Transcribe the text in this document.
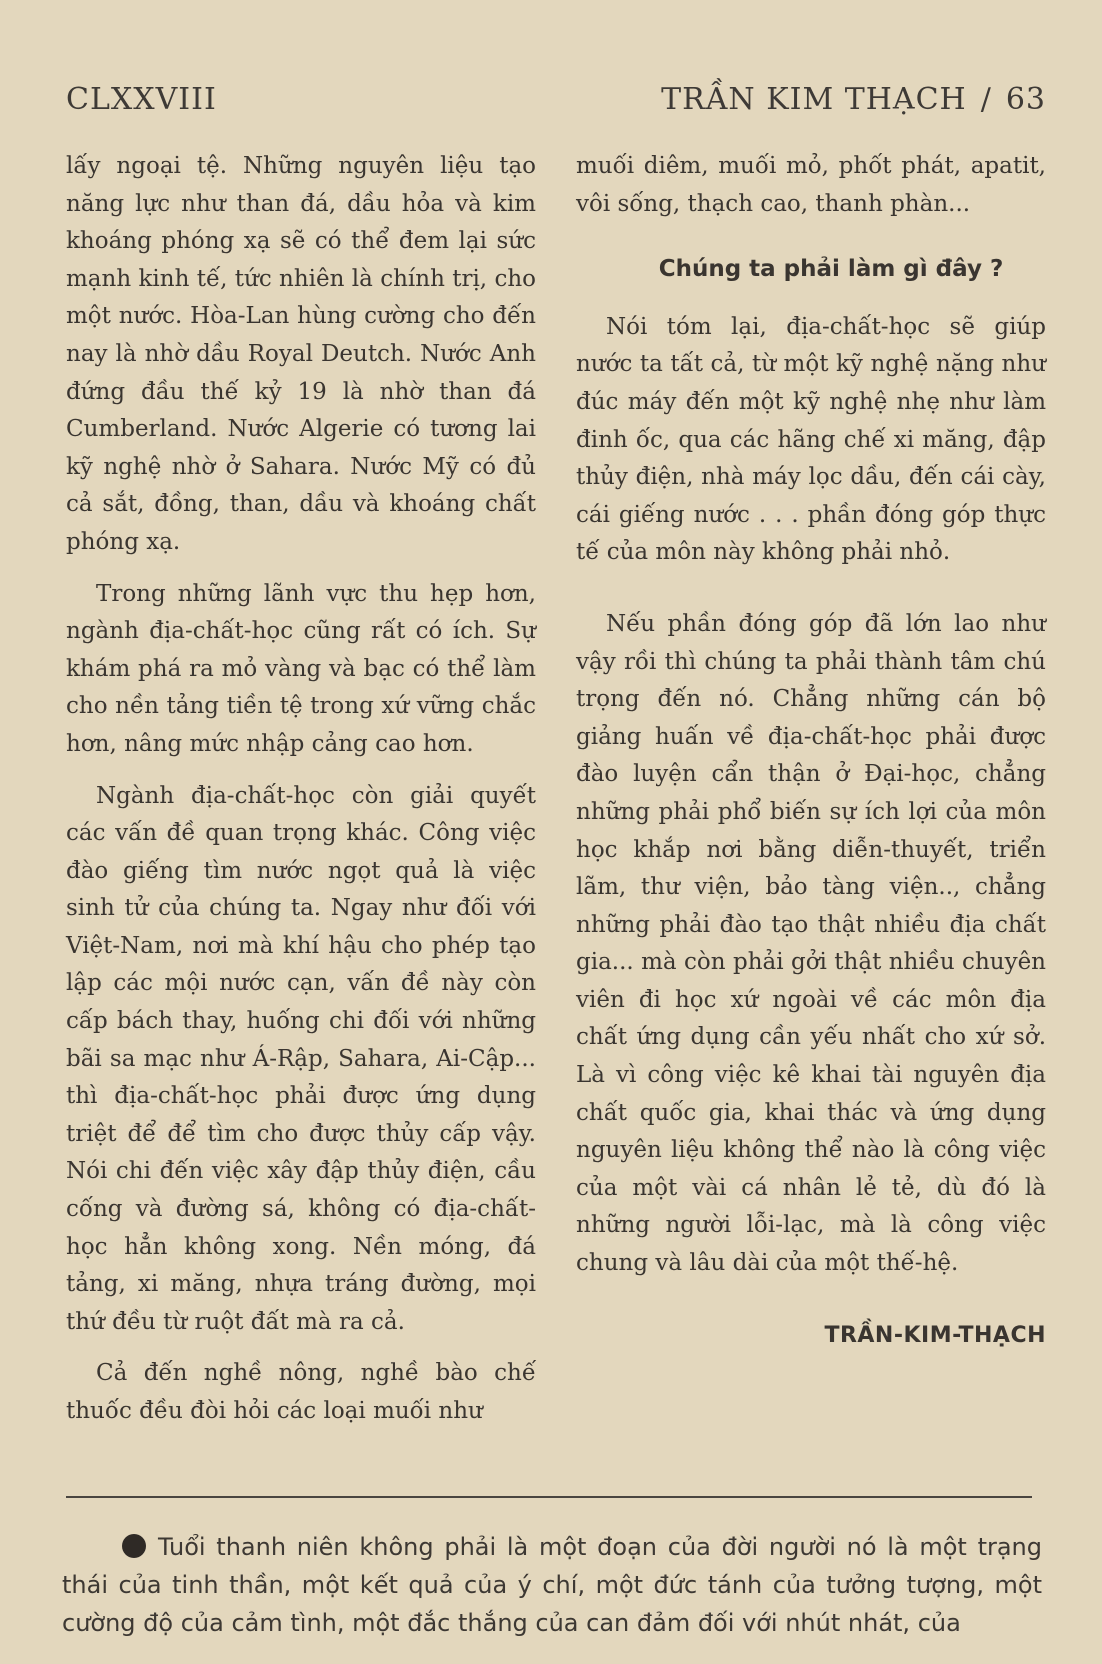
CLXXVIII	TRẦN KIM THẠCH / 63

lấy ngoại tệ. Những nguyên liệu tạo năng lực như than đá, dầu hỏa và kim khoáng phóng xạ sẽ có thể đem lại sức mạnh kinh tế, tức nhiên là chính trị, cho một nước. Hòa-Lan hùng cường cho đến nay là nhờ dầu Royal Deutch. Nước Anh đứng đầu thế kỷ 19 là nhờ than đá Cumberland. Nước Algerie có tương lai kỹ nghệ nhờ ở Sahara. Nước Mỹ có đủ cả sắt, đồng, than, dầu và khoáng chất phóng xạ.

Trong những lãnh vực thu hẹp hơn, ngành địa-chất-học cũng rất có ích. Sự khám phá ra mỏ vàng và bạc có thể làm cho nền tảng tiền tệ trong xứ vững chắc hơn, nâng mức nhập cảng cao hơn.

Ngành địa-chất-học còn giải quyết các vấn đề quan trọng khác. Công việc đào giếng tìm nước ngọt quả là việc sinh tử của chúng ta. Ngay như đối với Việt-Nam, nơi mà khí hậu cho phép tạo lập các mội nước cạn, vấn đề này còn cấp bách thay, huống chi đối với những bãi sa mạc như Á-Rập, Sahara, Ai-Cập... thì địa-chất-học phải được ứng dụng triệt để để tìm cho được thủy cấp vậy. Nói chi đến việc xây đập thủy điện, cầu cống và đường sá, không có địa-chất-học hẳn không xong. Nền móng, đá tảng, xi măng, nhựa tráng đường, mọi thứ đều từ ruột đất mà ra cả.

Cả đến nghề nông, nghề bào chế thuốc đều đòi hỏi các loại muối như

muối diêm, muối mỏ, phốt phát, apatit, vôi sống, thạch cao, thanh phàn...

Chúng ta phải làm gì đây ?

Nói tóm lại, địa-chất-học sẽ giúp nước ta tất cả, từ một kỹ nghệ nặng như đúc máy đến một kỹ nghệ nhẹ như làm đinh ốc, qua các hãng chế xi măng, đập thủy điện, nhà máy lọc dầu, đến cái cày, cái giếng nước . . . phần đóng góp thực tế của môn này không phải nhỏ.

Nếu phần đóng góp đã lớn lao như vậy rồi thì chúng ta phải thành tâm chú trọng đến nó. Chẳng những cán bộ giảng huấn về địa-chất-học phải được đào luyện cẩn thận ở Đại-học, chẳng những phải phổ biến sự ích lợi của môn học khắp nơi bằng diễn-thuyết, triển lãm, thư viện, bảo tàng viện.., chẳng những phải đào tạo thật nhiều địa chất gia... mà còn phải gởi thật nhiều chuyên viên đi học xứ ngoài về các môn địa chất ứng dụng cần yếu nhất cho xứ sở. Là vì công việc kê khai tài nguyên địa chất quốc gia, khai thác và ứng dụng nguyên liệu không thể nào là công việc của một vài cá nhân lẻ tẻ, dù đó là những người lỗi-lạc, mà là công việc chung và lâu dài của một thế-hệ.

TRẦN-KIM-THẠCH
Tuổi thanh niên không phải là một đoạn của đời người nó là một trạng thái của tinh thần, một kết quả của ý chí, một đức tánh của tưởng tượng, một cường độ của cảm tình, một đắc thắng của can đảm đối với nhút nhát, của
